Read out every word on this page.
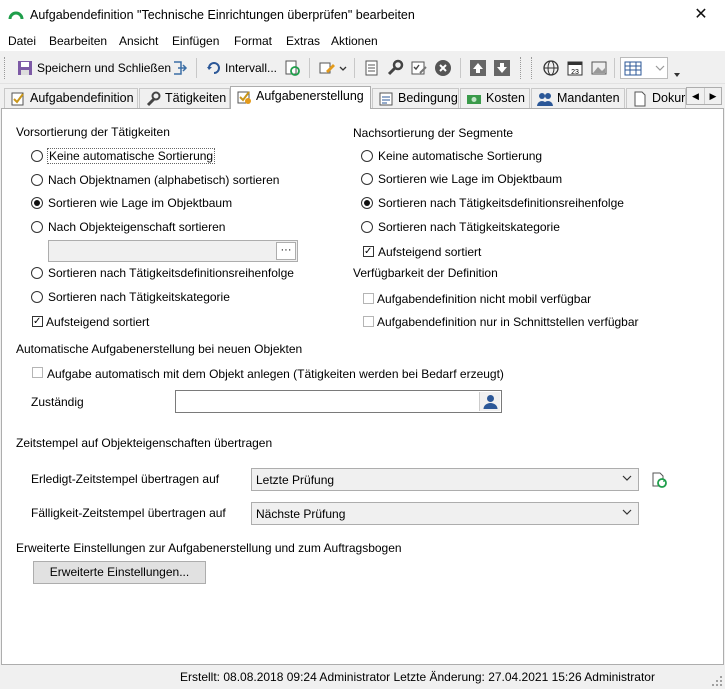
Aufgabendefinition "Technische Einrichtungen überprüfen" bearbeiten	✕
Datei Bearbeiten Ansicht Einfügen Format Extras Aktionen
Speichern und Schließen	Intervall...	23
Aufgabendefinition	Tätigkeiten	Aufgabenerstellung	Bedingung	Kosten	Mandanten	Dokur ◀	▶
Vorsortierung der Tätigkeiten
Keine automatische Sortierung
Nach Objektnamen (alphabetisch) sortieren
Sortieren wie Lage im Objektbaum
Nach Objekteigenschaft sortieren
···
Sortieren nach Tätigkeitsdefinitionsreihenfolge
Sortieren nach Tätigkeitskategorie
✓
Aufsteigend sortiert
Nachsortierung der Segmente
Keine automatische Sortierung
Sortieren wie Lage im Objektbaum
Sortieren nach Tätigkeitsdefinitionsreihenfolge
Sortieren nach Tätigkeitskategorie
✓
Aufsteigend sortiert
Verfügbarkeit der Definition
Aufgabendefinition nicht mobil verfügbar
Aufgabendefinition nur in Schnittstellen verfügbar
Automatische Aufgabenerstellung bei neuen Objekten
Aufgabe automatisch mit dem Objekt anlegen (Tätigkeiten werden bei Bedarf erzeugt)
Zuständig
Zeitstempel auf Objekteigenschaften übertragen
Erledigt-Zeitstempel übertragen auf	Letzte Prüfung
Fälligkeit-Zeitstempel übertragen auf	Nächste Prüfung
Erweiterte Einstellungen zur Aufgabenerstellung und zum Auftragsbogen
Erweiterte Einstellungen...
Erstellt: 08.08.2018 09:24 Administrator Letzte Änderung: 27.04.2021 15:26 Administrator
